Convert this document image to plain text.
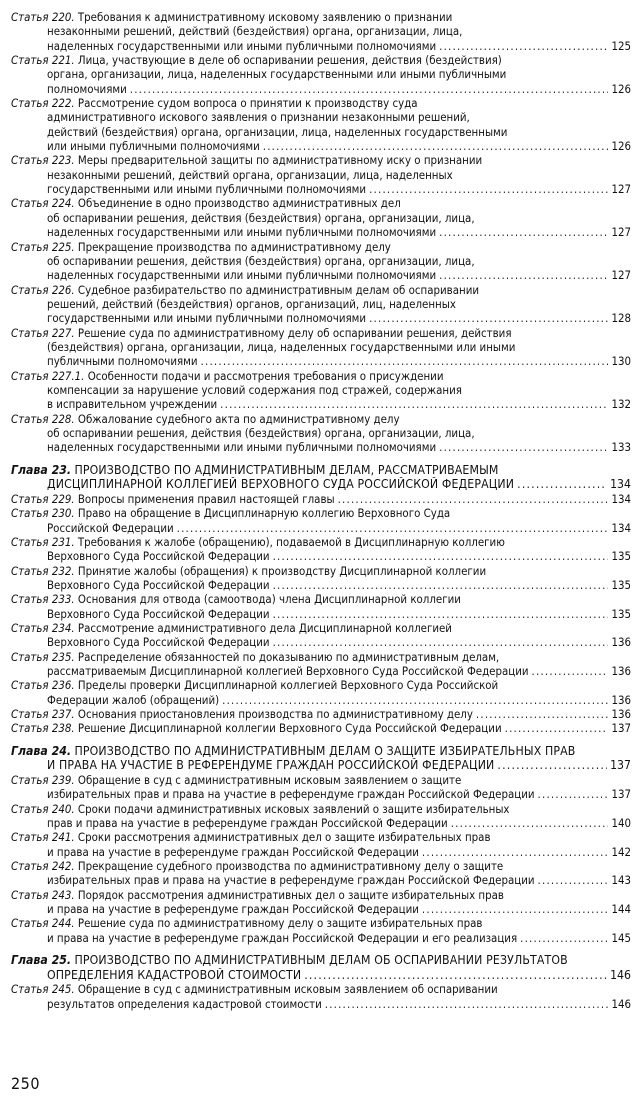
Статья 220. Требования к административному исковому заявлению о признании
незаконными решений, действий (бездействия) органа, организации, лица,
наделенных государственными или иными публичными полномочиями .....	125
Статья 221. Лица, участвующие в деле об оспаривании решения, действия (бездействия)
органа, организации, лица, наделенных государственными или иными публичными
полномочиями .....	126
Статья 222. Рассмотрение судом вопроса о принятии к производству суда
административного искового заявления о признании незаконными решений,
действий (бездействия) органа, организации, лица, наделенных государственными
или иными публичными полномочиями .....	126
Статья 223. Меры предварительной защиты по административному иску о признании
незаконными решений, действий органа, организации, лица, наделенных
государственными или иными публичными полномочиями .....	127
Статья 224. Объединение в одно производство административных дел
об оспаривании решения, действия (бездействия) органа, организации, лица,
наделенных государственными или иными публичными полномочиями .....	127
Статья 225. Прекращение производства по административному делу
об оспаривании решения, действия (бездействия) органа, организации, лица,
наделенных государственными или иными публичными полномочиями .....	127
Статья 226. Судебное разбирательство по административным делам об оспаривании
решений, действий (бездействия) органов, организаций, лиц, наделенных
государственными или иными публичными полномочиями .....	128
Статья 227. Решение суда по административному делу об оспаривании решения, действия
(бездействия) органа, организации, лица, наделенных государственными или иными
публичными полномочиями .....	130
Статья 227.1. Особенности подачи и рассмотрения требования о присуждении
компенсации за нарушение условий содержания под стражей, содержания
в исправительном учреждении .....	132
Статья 228. Обжалование судебного акта по административному делу
об оспаривании решения, действия (бездействия) органа, организации, лица,
наделенных государственными или иными публичными полномочиями .....	133
Глава 23. ПРОИЗВОДСТВО ПО АДМИНИСТРАТИВНЫМ ДЕЛАМ, РАССМАТРИВАЕМЫМ
ДИСЦИПЛИНАРНОЙ КОЛЛЕГИЕЙ ВЕРХОВНОГО СУДА РОССИЙСКОЙ ФЕДЕРАЦИИ .....	134
Статья 229. Вопросы применения правил настоящей главы .....	134
Статья 230. Право на обращение в Дисциплинарную коллегию Верховного Суда
Российской Федерации .....	134
Статья 231. Требования к жалобе (обращению), подаваемой в Дисциплинарную коллегию
Верховного Суда Российской Федерации .....	135
Статья 232. Принятие жалобы (обращения) к производству Дисциплинарной коллегии
Верховного Суда Российской Федерации .....	135
Статья 233. Основания для отвода (самоотвода) члена Дисциплинарной коллегии
Верховного Суда Российской Федерации .....	135
Статья 234. Рассмотрение административного дела Дисциплинарной коллегией
Верховного Суда Российской Федерации .....	136
Статья 235. Распределение обязанностей по доказыванию по административным делам,
рассматриваемым Дисциплинарной коллегией Верховного Суда Российской Федерации .....	136
Статья 236. Пределы проверки Дисциплинарной коллегией Верховного Суда Российской
Федерации жалоб (обращений) .....	136
Статья 237. Основания приостановления производства по административному делу .....	136
Статья 238. Решение Дисциплинарной коллегии Верховного Суда Российской Федерации .....	137
Глава 24. ПРОИЗВОДСТВО ПО АДМИНИСТРАТИВНЫМ ДЕЛАМ О ЗАЩИТЕ ИЗБИРАТЕЛЬНЫХ ПРАВ
И ПРАВА НА УЧАСТИЕ В РЕФЕРЕНДУМЕ ГРАЖДАН РОССИЙСКОЙ ФЕДЕРАЦИИ .....	137
Статья 239. Обращение в суд с административным исковым заявлением о защите
избирательных прав и права на участие в референдуме граждан Российской Федерации .....	137
Статья 240. Сроки подачи административных исковых заявлений о защите избирательных
прав и права на участие в референдуме граждан Российской Федерации .....	140
Статья 241. Сроки рассмотрения административных дел о защите избирательных прав
и права на участие в референдуме граждан Российской Федерации .....	142
Статья 242. Прекращение судебного производства по административному делу о защите
избирательных прав и права на участие в референдуме граждан Российской Федерации .....	143
Статья 243. Порядок рассмотрения административных дел о защите избирательных прав
и права на участие в референдуме граждан Российской Федерации .....	144
Статья 244. Решение суда по административному делу о защите избирательных прав
и права на участие в референдуме граждан Российской Федерации и его реализация .....	145
Глава 25. ПРОИЗВОДСТВО ПО АДМИНИСТРАТИВНЫМ ДЕЛАМ ОБ ОСПАРИВАНИИ РЕЗУЛЬТАТОВ
ОПРЕДЕЛЕНИЯ КАДАСТРОВОЙ СТОИМОСТИ .....	146
Статья 245. Обращение в суд с административным исковым заявлением об оспаривании
результатов определения кадастровой стоимости .....	146
250
